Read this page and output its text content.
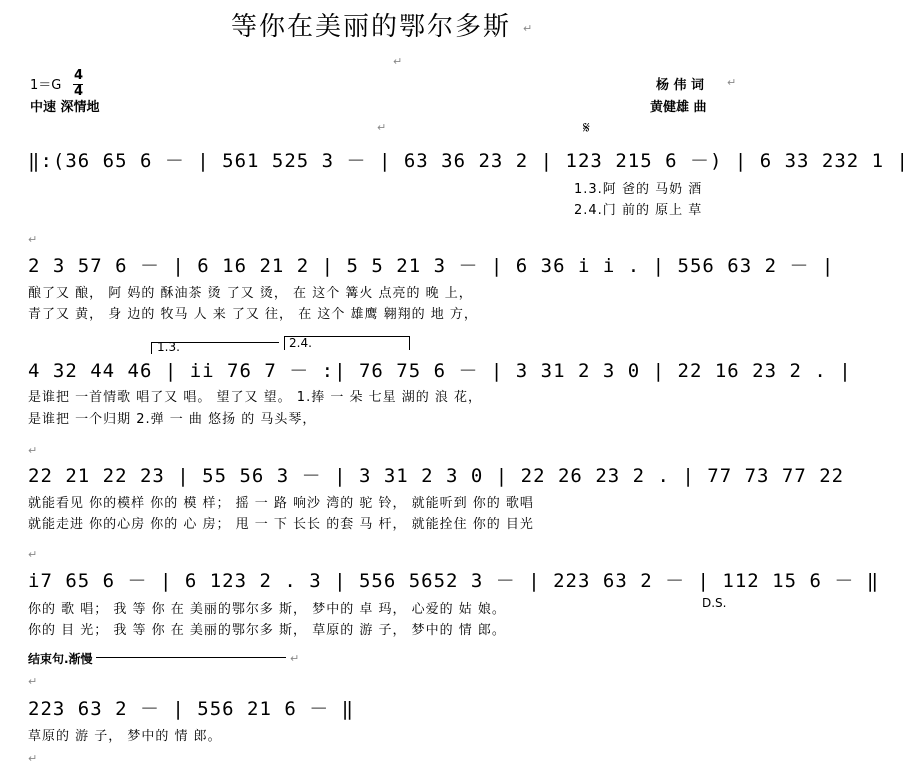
等你在美丽的鄂尔多斯
1＝G
4
4
中速 深情地
杨 伟 词
黄健雄 曲
𝄋
‖:(36 65 6 － | 561 525 3 － | 63 36 23 2 | 123 215 6 －) | 6 33 232 1 |
1.3.阿 爸的 马奶 酒
2.4.门 前的 原上 草
2 3 57 6 － | 6 16 21 2 | 5 5 21 3 － | 6 36 i i . | 556 63 2 － |
酿了又 酿， 阿 妈的 酥油茶 烫 了又 烫， 在 这个 篝火 点亮的 晚 上，
青了又 黄， 身 边的 牧马 人 来 了又 往， 在 这个 雄鹰 翱翔的 地 方，
1.3.	2.4.
4 32 44 46 | ii 76 7 － :| 76 75 6 － | 3 31 2 3 0 | 22 16 23 2 . |
是谁把 一首情歌 唱了又 唱。 望了又 望。 1.捧 一 朵 七星 湖的 浪 花，
是谁把 一个归期 2.弹 一 曲 悠扬 的 马头琴，
22 21 22 23 | 55 56 3 － | 3 31 2 3 0 | 22 26 23 2 . | 77 73 77 22
就能看见 你的模样 你的 模 样； 摇 一 路 响沙 湾的 驼 铃， 就能听到 你的 歌唱
就能走进 你的心房 你的 心 房； 甩 一 下 长长 的套 马 杆， 就能拴住 你的 目光
i7 65 6 － | 6 123 2 . 3 | 556 5652 3 － | 223 63 2 － | 112 15 6 － ‖
你的 歌 唱； 我 等 你 在 美丽的鄂尔多 斯， 梦中的 卓 玛， 心爱的 姑 娘。
你的 目 光； 我 等 你 在 美丽的鄂尔多 斯， 草原的 游 子， 梦中的 情 郎。
D.S.
结束句.渐慢
223 63 2 － | 556 21 6 － ‖
草原的 游 子， 梦中的 情 郎。
↵
↵
↵
↵
↵
↵
↵
↵
↵
↵
